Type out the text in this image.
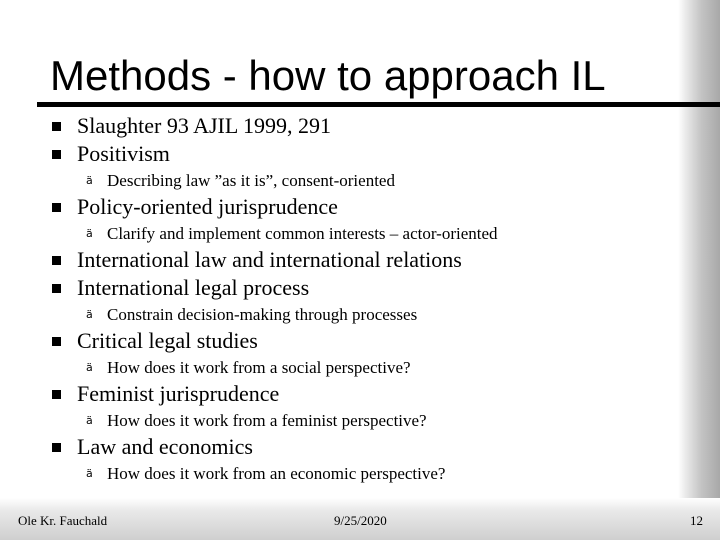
Methods - how to approach IL
Slaughter 93 AJIL 1999, 291
Positivism
ä Describing law ”as it is”, consent-oriented
Policy-oriented jurisprudence
ä Clarify and implement common interests – actor-oriented
International law and international relations
International legal process
ä Constrain decision-making through processes
Critical legal studies
ä How does it work from a social perspective?
Feminist jurisprudence
ä How does it work from a feminist perspective?
Law and economics
ä How does it work from an economic perspective?
Ole Kr. Fauchald	9/25/2020	12
